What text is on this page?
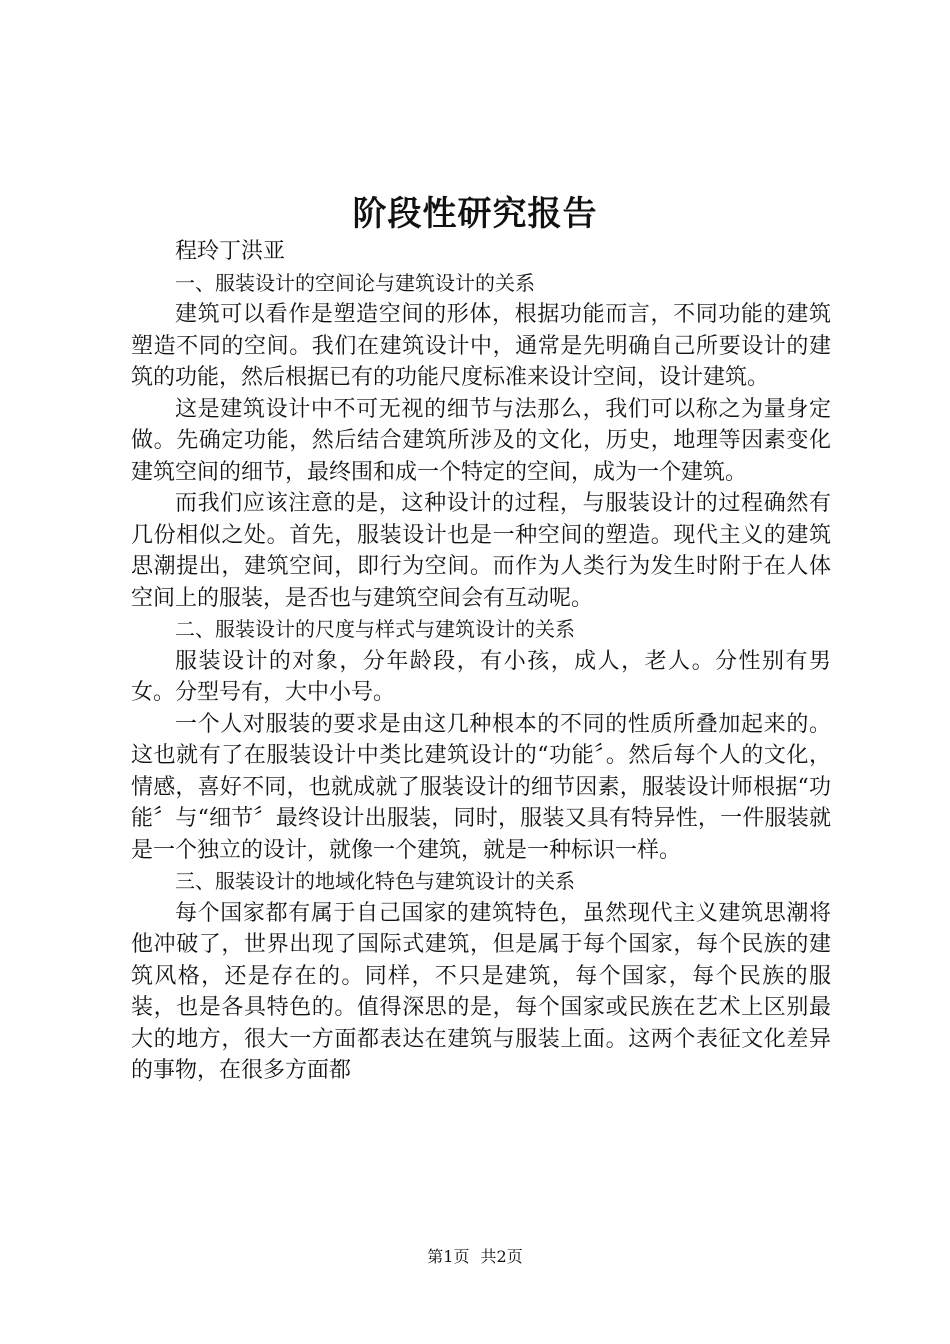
阶段性研究报告

程玲丁洪亚

一、服装设计的空间论与建筑设计的关系

建筑可以看作是塑造空间的形体，根据功能而言，不同功能的建筑塑造不同的空间。我们在建筑设计中，通常是先明确自己所要设计的建筑的功能，然后根据已有的功能尺度标准来设计空间，设计建筑。

这是建筑设计中不可无视的细节与法那么，我们可以称之为量身定做。先确定功能，然后结合建筑所涉及的文化，历史，地理等因素变化建筑空间的细节，最终围和成一个特定的空间，成为一个建筑。

而我们应该注意的是，这种设计的过程，与服装设计的过程确然有几份相似之处。首先，服装设计也是一种空间的塑造。现代主义的建筑思潮提出，建筑空间，即行为空间。而作为人类行为发生时附于在人体空间上的服装，是否也与建筑空间会有互动呢。

二、服装设计的尺度与样式与建筑设计的关系

服装设计的对象，分年龄段，有小孩，成人，老人。分性别有男女。分型号有，大中小号。

一个人对服装的要求是由这几种根本的不同的性质所叠加起来的。这也就有了在服装设计中类比建筑设计的“功能〞。然后每个人的文化，情感，喜好不同，也就成就了服装设计的细节因素，服装设计师根据“功能〞与“细节〞最终设计出服装，同时，服装又具有特异性，一件服装就是一个独立的设计，就像一个建筑，就是一种标识一样。

三、服装设计的地域化特色与建筑设计的关系

每个国家都有属于自己国家的建筑特色，虽然现代主义建筑思潮将他冲破了，世界出现了国际式建筑，但是属于每个国家，每个民族的建筑风格，还是存在的。同样，不只是建筑，每个国家，每个民族的服装，也是各具特色的。值得深思的是，每个国家或民族在艺术上区别最大的地方，很大一方面都表达在建筑与服装上面。这两个表征文化差异的事物，在很多方面都

第1页 共2页
